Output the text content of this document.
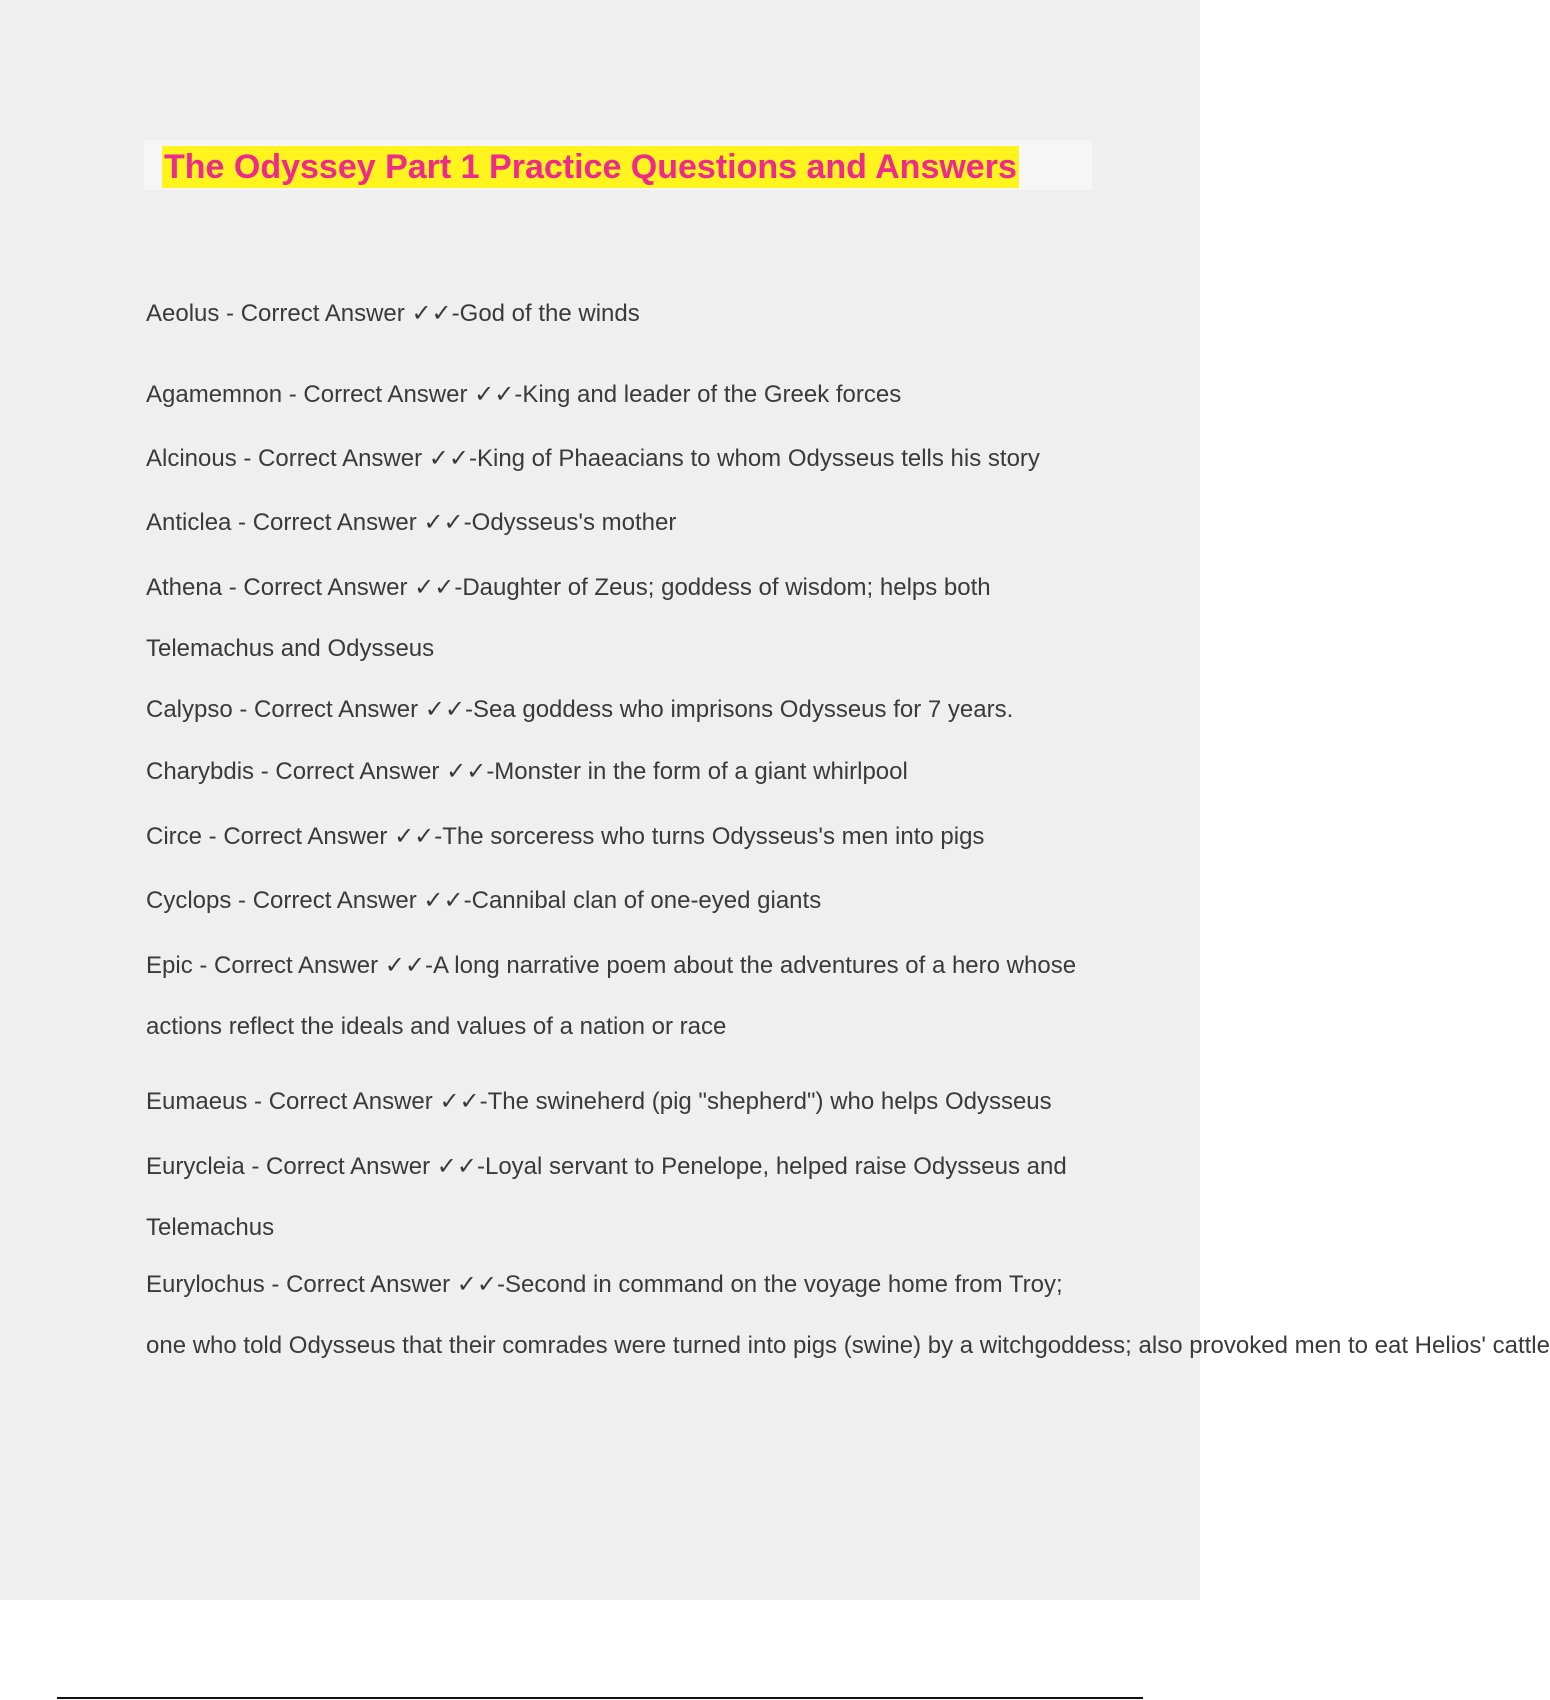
The Odyssey Part 1 Practice Questions and Answers
Aeolus - Correct Answer ✓✓-God of the winds
Agamemnon - Correct Answer ✓✓-King and leader of the Greek forces
Alcinous - Correct Answer ✓✓-King of Phaeacians to whom Odysseus tells his story
Anticlea - Correct Answer ✓✓-Odysseus's mother
Athena - Correct Answer ✓✓-Daughter of Zeus; goddess of wisdom; helps both
Telemachus and Odysseus
Calypso - Correct Answer ✓✓-Sea goddess who imprisons Odysseus for 7 years.
Charybdis - Correct Answer ✓✓-Monster in the form of a giant whirlpool
Circe - Correct Answer ✓✓-The sorceress who turns Odysseus's men into pigs
Cyclops - Correct Answer ✓✓-Cannibal clan of one-eyed giants
Epic - Correct Answer ✓✓-A long narrative poem about the adventures of a hero whose
actions reflect the ideals and values of a nation or race
Eumaeus - Correct Answer ✓✓-The swineherd (pig "shepherd") who helps Odysseus
Eurycleia - Correct Answer ✓✓-Loyal servant to Penelope, helped raise Odysseus and
Telemachus
Eurylochus - Correct Answer ✓✓-Second in command on the voyage home from Troy;
one who told Odysseus that their comrades were turned into pigs (swine) by a witchgoddess; also provoked men to eat Helios' cattle
